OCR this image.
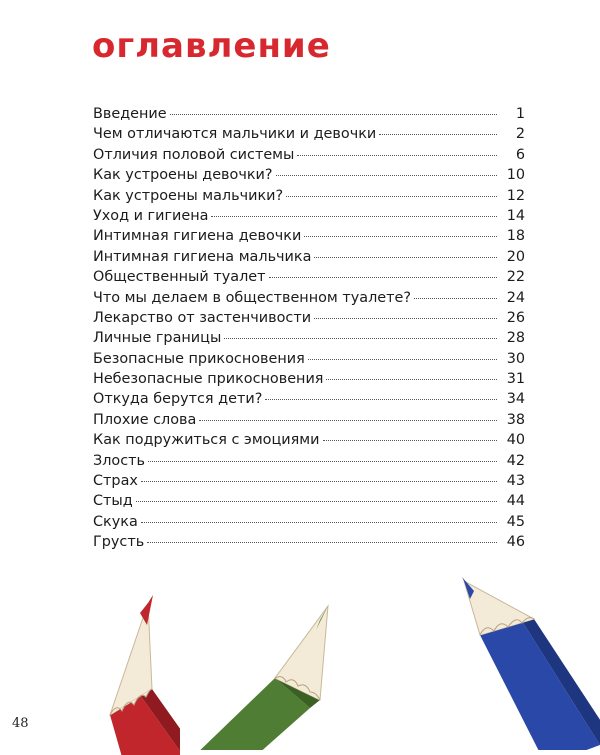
оглавление
Введение	1
Чем отличаются мальчики и девочки	2
Отличия половой системы	6
Как устроены девочки?	10
Как устроены мальчики?	12
Уход и гигиена	14
Интимная гигиена девочки	18
Интимная гигиена мальчика	20
Общественный туалет	22
Что мы делаем в общественном туалете?	24
Лекарство от застенчивости	26
Личные границы	28
Безопасные прикосновения	30
Небезопасные прикосновения	31
Откуда берутся дети?	34
Плохие слова	38
Как подружиться с эмоциями	40
Злость	42
Страх	43
Стыд	44
Скука	45
Грусть	46
48
